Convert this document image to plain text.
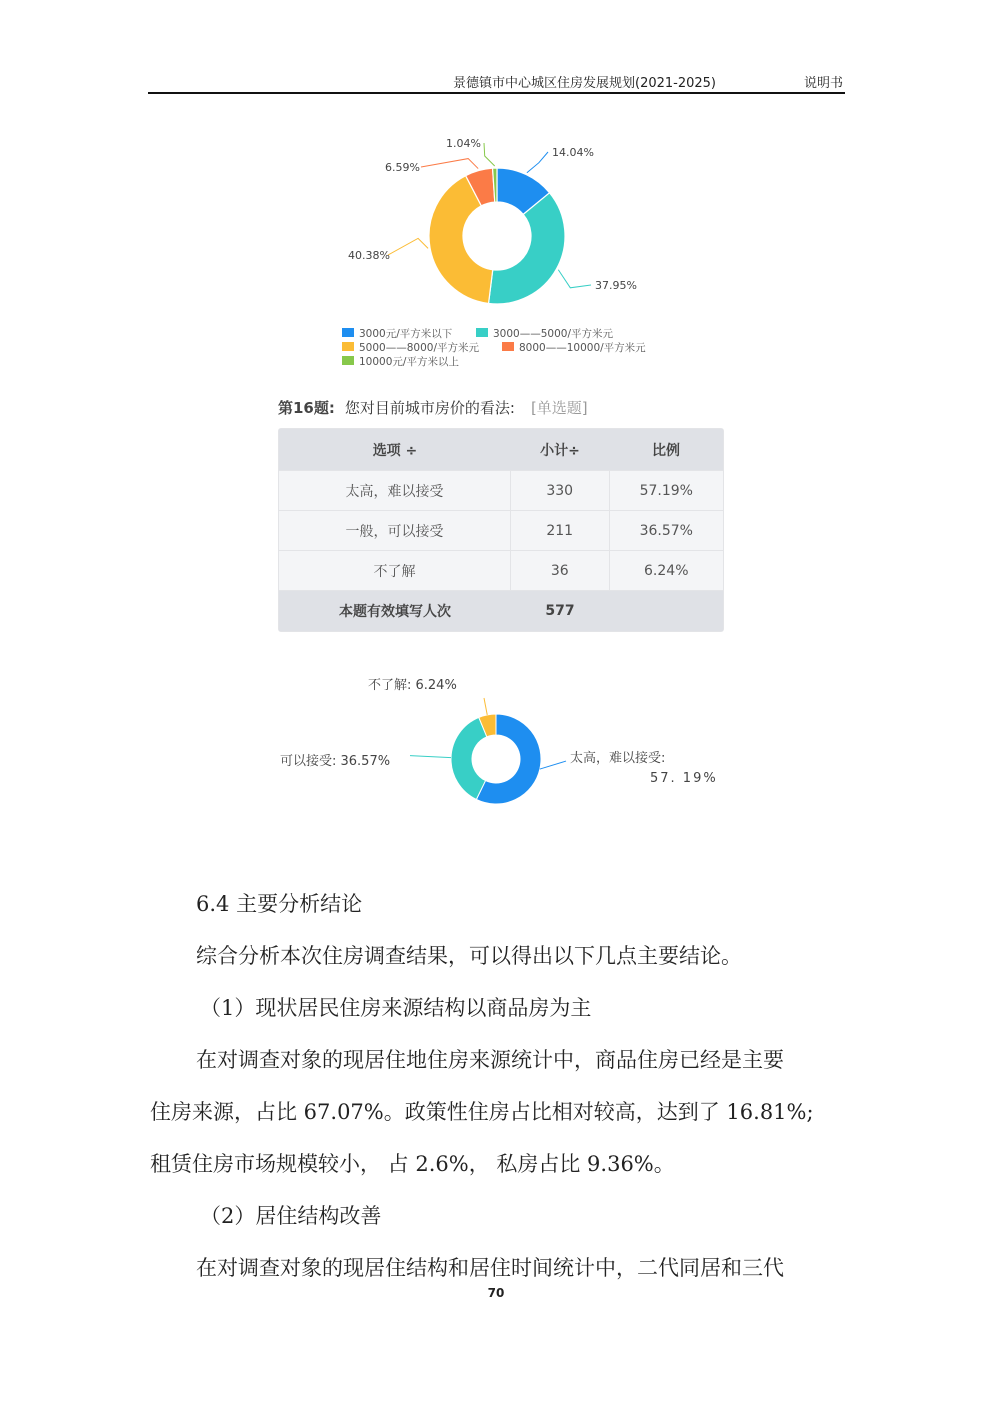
景德镇市中心城区住房发展规划(2021-2025)	说明书
14.04%
37.95%
40.38%
6.59%
1.04%
3000元/平方米以下	3000——5000/平方米元
5000——8000/平方米元	8000——10000/平方米元
10000元/平方米以上
第16题: 您对目前城市房价的看法: [单选题]
选项 ÷	小计÷	比例
太高，难以接受	330	57.19%
一般，可以接受	211	36.57%
不了解	36	6.24%
本题有效填写人次	577
太高，难以接受:
可以接受: 36.57%
不了解: 6.24%
57. 19%
6.4 主要分析结论
综合分析本次住房调查结果，可以得出以下几点主要结论。
（1）现状居民住房来源结构以商品房为主
在对调查对象的现居住地住房来源统计中，商品住房已经是主要
住房来源，占比 67.07%。政策性住房占比相对较高，达到了 16.81%;
租赁住房市场规模较小， 占 2.6%， 私房占比 9.36%。
（2）居住结构改善
在对调查对象的现居住结构和居住时间统计中，二代同居和三代
70
